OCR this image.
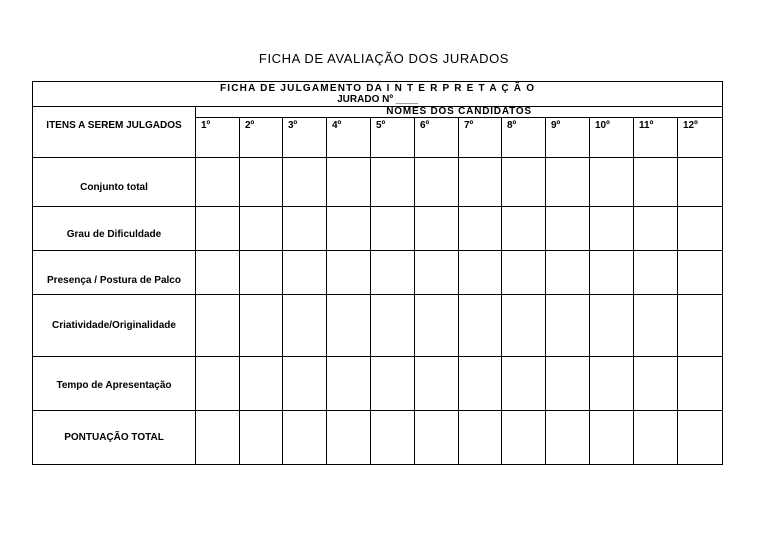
FICHA DE AVALIAÇÃO DOS JURADOS
FICHA DE JULGAMENTO DA I N T E R P R E T A Ç Ã O
JURADO Nº ____												

	NOMES DOS CANDIDATOS											
ITENS A SEREM JULGADOS	1º	2º	3º	4º	5º	6º	7º	8º	9º	10º	11º	12º
Conjunto total												
Grau de Dificuldade												
Presença / Postura de Palco												
Criatividade/Originalidade												
Tempo de Apresentação												
PONTUAÇÃO TOTAL												
